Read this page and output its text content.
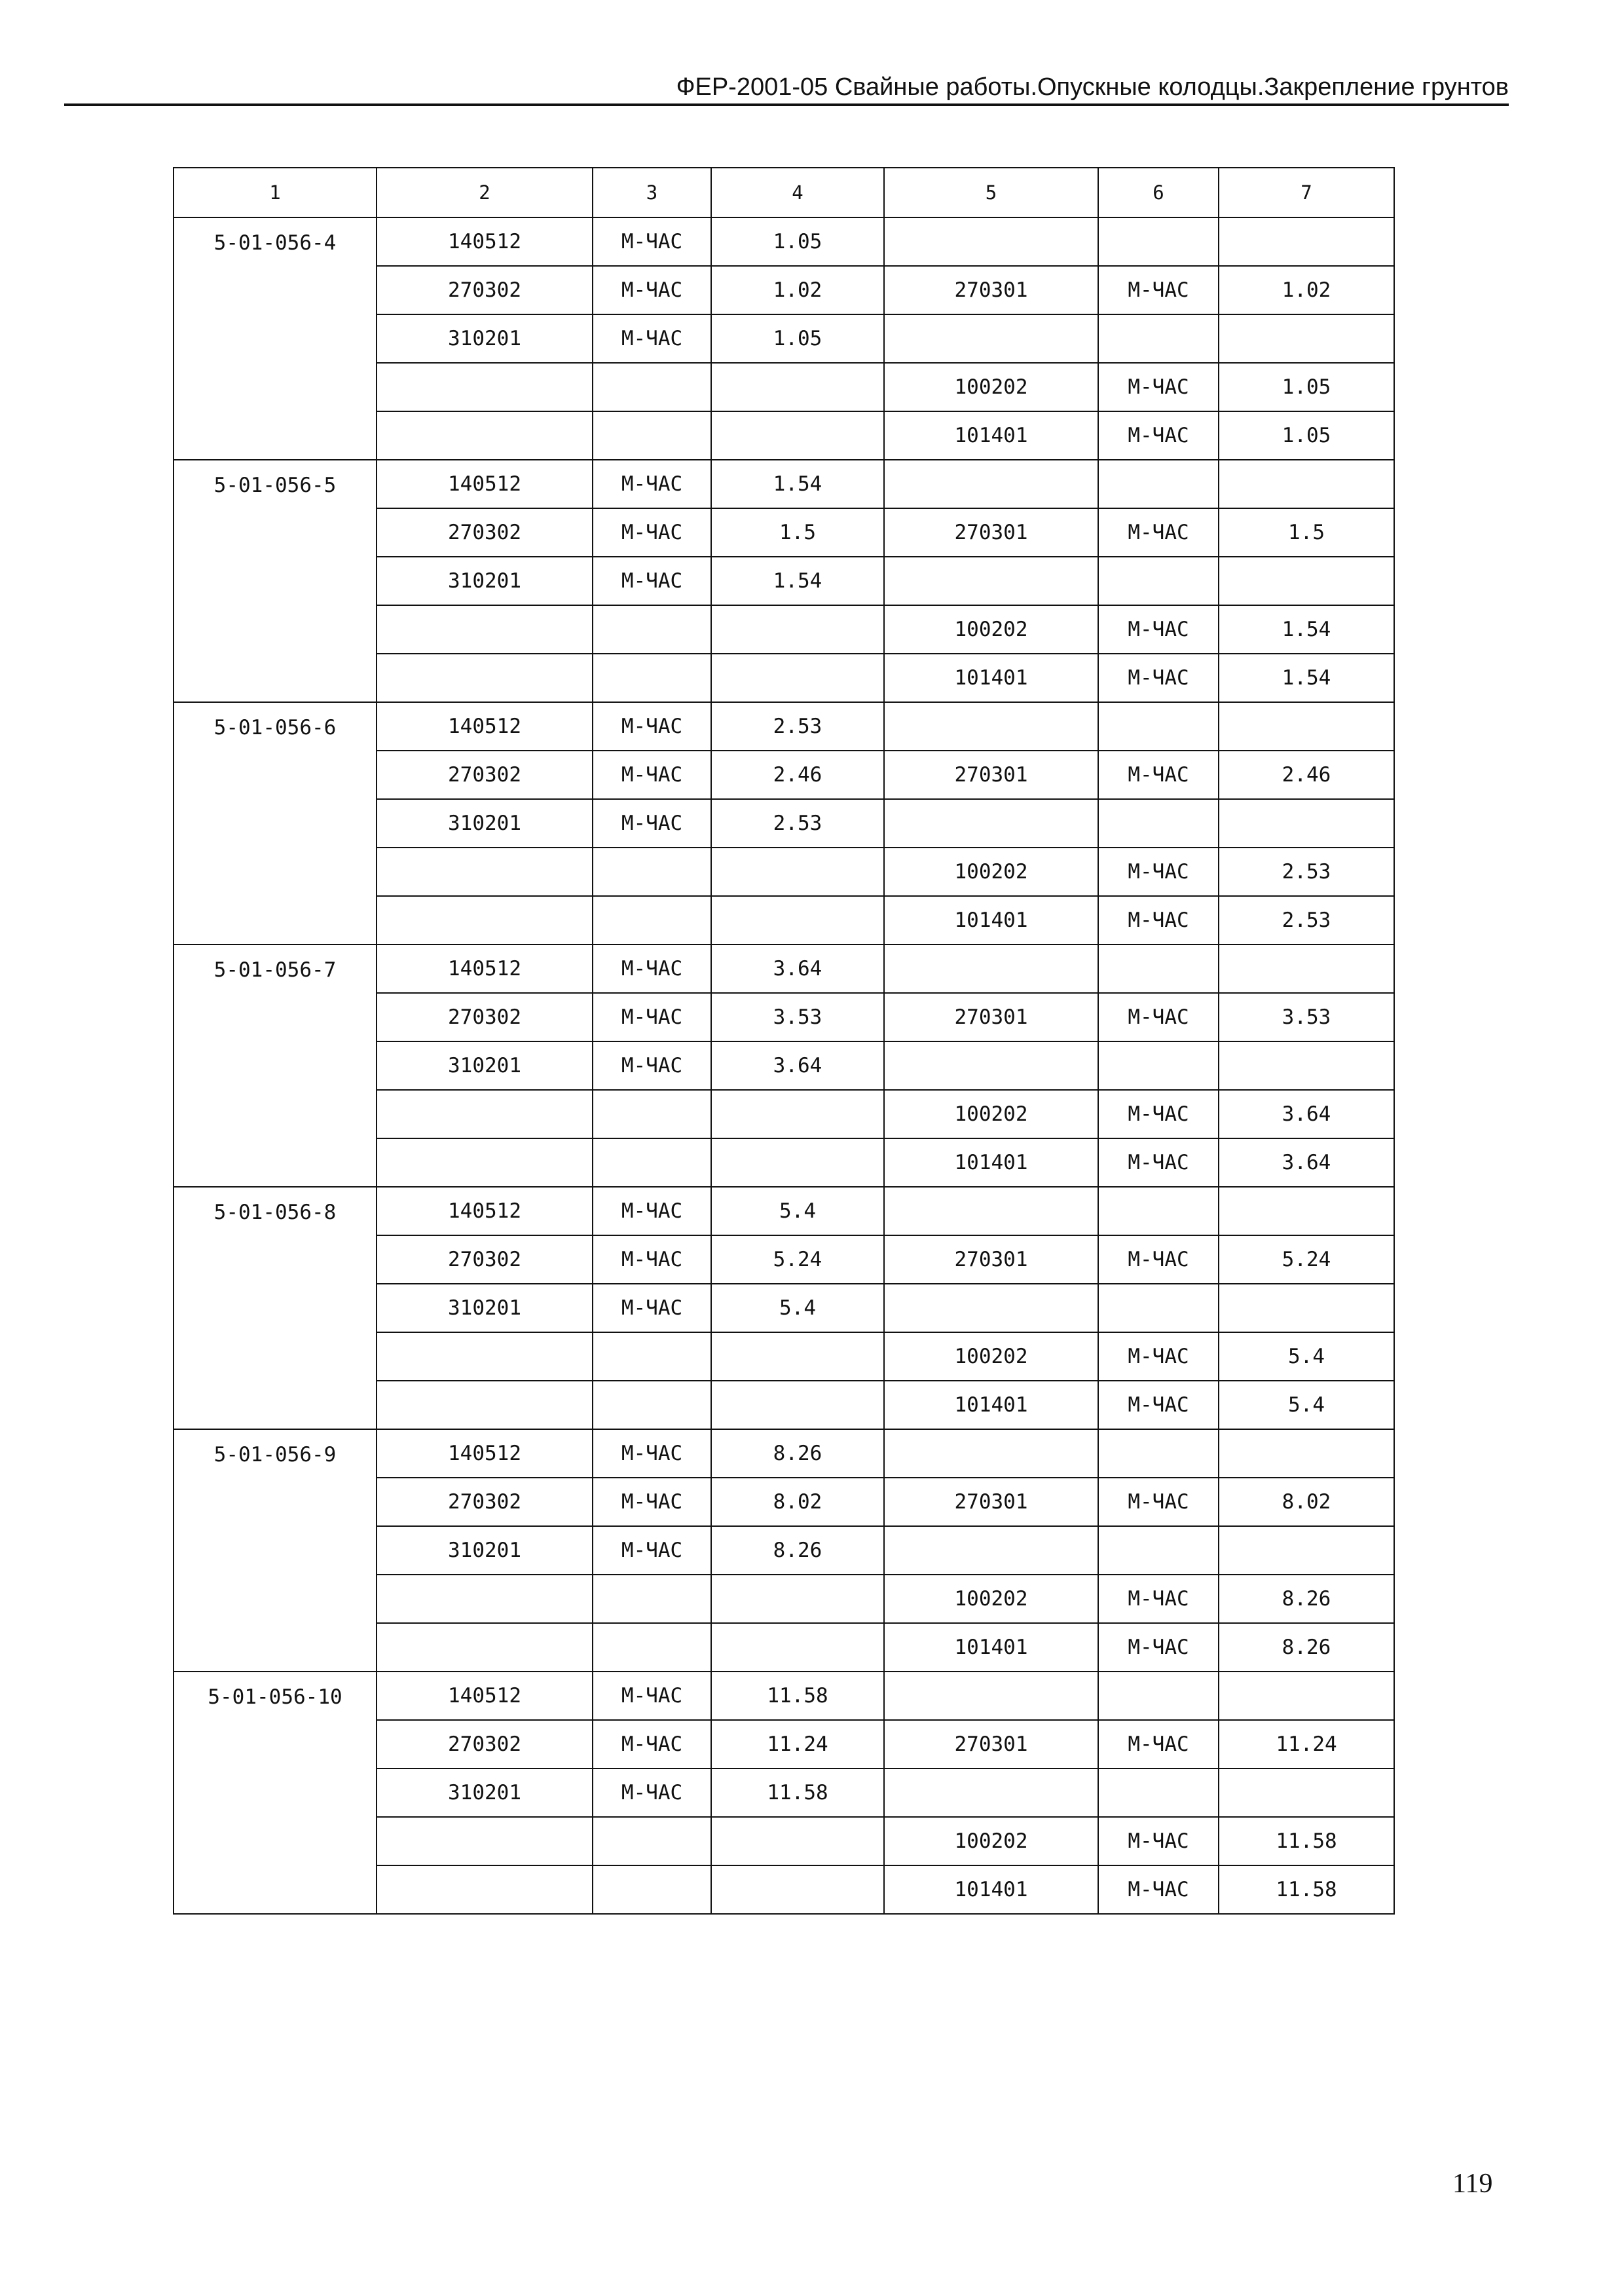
ФЕР-2001-05 Свайные работы.Опускные колодцы.Закрепление грунтов
1	2	3	4	5	6	7
5-01-056-4	140512	М-ЧАС	1.05			
	270302	М-ЧАС	1.02	270301	М-ЧАС	1.02
	310201	М-ЧАС	1.05			
				100202	М-ЧАС	1.05
				101401	М-ЧАС	1.05
5-01-056-5	140512	М-ЧАС	1.54			
	270302	М-ЧАС	1.5	270301	М-ЧАС	1.5
	310201	М-ЧАС	1.54			
				100202	М-ЧАС	1.54
				101401	М-ЧАС	1.54
5-01-056-6	140512	М-ЧАС	2.53			
	270302	М-ЧАС	2.46	270301	М-ЧАС	2.46
	310201	М-ЧАС	2.53			
				100202	М-ЧАС	2.53
				101401	М-ЧАС	2.53
5-01-056-7	140512	М-ЧАС	3.64			
	270302	М-ЧАС	3.53	270301	М-ЧАС	3.53
	310201	М-ЧАС	3.64			
				100202	М-ЧАС	3.64
				101401	М-ЧАС	3.64
5-01-056-8	140512	М-ЧАС	5.4			
	270302	М-ЧАС	5.24	270301	М-ЧАС	5.24
	310201	М-ЧАС	5.4			
				100202	М-ЧАС	5.4
				101401	М-ЧАС	5.4
5-01-056-9	140512	М-ЧАС	8.26			
	270302	М-ЧАС	8.02	270301	М-ЧАС	8.02
	310201	М-ЧАС	8.26			
				100202	М-ЧАС	8.26
				101401	М-ЧАС	8.26
5-01-056-10	140512	М-ЧАС	11.58			
	270302	М-ЧАС	11.24	270301	М-ЧАС	11.24
	310201	М-ЧАС	11.58			
				100202	М-ЧАС	11.58
				101401	М-ЧАС	11.58
119
